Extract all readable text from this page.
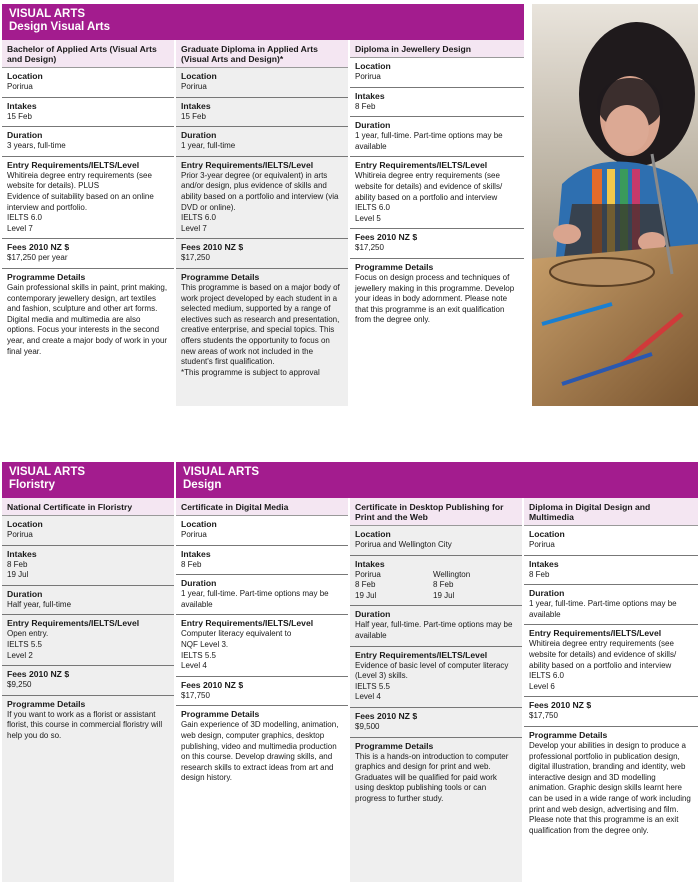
VISUAL ARTS
Design Visual Arts
Bachelor of Applied Arts (Visual Arts and Design)
Location
Porirua
Intakes
15 Feb
Duration
3 years, full-time
Entry Requirements/IELTS/Level
Whitireia degree entry requirements (see website for details). PLUS
Evidence of suitability based on an online interview and portfolio.
IELTS 6.0
Level 7
Fees 2010 NZ $
$17,250 per year
Programme Details
Gain professional skills in paint, print making, contemporary jewellery design, art textiles and fashion, sculpture and other art forms. Digital media and multimedia are also options. Focus your interests in the second year, and create a major body of work in your final year.
Graduate Diploma in Applied Arts (Visual Arts and Design)*
Location
Porirua
Intakes
15 Feb
Duration
1 year, full-time
Entry Requirements/IELTS/Level
Prior 3-year degree (or equivalent) in arts and/or design, plus evidence of skills and ability based on a portfolio and interview (via DVD or online).
IELTS 6.0
Level 7
Fees 2010 NZ $
$17,250
Programme Details
This programme is based on a major body of work project developed by each student in a selected medium, supported by a range of electives such as research and presentation, creative enterprise, and special topics. This offers students the opportunity to focus on new areas of work not included in the student's first qualification.
*This programme is subject to approval
Diploma in Jewellery Design
Location
Porirua
Intakes
8 Feb
Duration
1 year, full-time. Part-time options may be available
Entry Requirements/IELTS/Level
Whitireia degree entry requirements (see website for details) and evidence of skills/ ability based on a portfolio and interview
IELTS 6.0
Level 5
Fees 2010 NZ $
$17,250
Programme Details
Focus on design process and techniques of jewellery making in this programme. Develop your ideas in body adornment. Please note that this programme is an exit qualification from the degree only.
VISUAL ARTS
Floristry
VISUAL ARTS
Design
National Certificate in Floristry
Location
Porirua
Intakes
8 Feb
19 Jul
Duration
Half year, full-time
Entry Requirements/IELTS/Level
Open entry.
IELTS 5.5
Level 2
Fees 2010 NZ $
$9,250
Programme Details
If you want to work as a florist or assistant florist, this course in commercial floristry will help you do so.
Certificate in Digital Media
Location
Porirua
Intakes
8 Feb
Duration
1 year, full-time. Part-time options may be available
Entry Requirements/IELTS/Level
Computer literacy equivalent to
NQF Level 3.
IELTS 5.5
Level 4
Fees 2010 NZ $
$17,750
Programme Details
Gain experience of 3D modelling, animation, web design, computer graphics, desktop publishing, video and multimedia production on this course. Develop drawing skills, and research skills to extract ideas from art and design history.
Certificate in Desktop Publishing for Print and the Web
Location
Porirua and Wellington City
Intakes
Porirua
8 Feb
19 Jul
Wellington
8 Feb
19 Jul
Duration
Half year, full-time. Part-time options may be available
Entry Requirements/IELTS/Level
Evidence of basic level of computer literacy (Level 3) skills.
IELTS 5.5
Level 4
Fees 2010 NZ $
$9,500
Programme Details
This is a hands-on introduction to computer graphics and design for print and web. Graduates will be qualified for paid work using desktop publishing tools or can progress to further study.
Diploma in Digital Design and Multimedia
Location
Porirua
Intakes
8 Feb
Duration
1 year, full-time. Part-time options may be available
Entry Requirements/IELTS/Level
Whitireia degree entry requirements (see website for details) and evidence of skills/ ability based on a portfolio and interview
IELTS 6.0
Level 6
Fees 2010 NZ $
$17,750
Programme Details
Develop your abilities in design to produce a professional portfolio in publication design, digital illustration, branding and identity, web interactive design and 3D modelling animation. Graphic design skills learnt here can be used in a wide range of work including print and web design, advertising and film. Please note that this programme is an exit qualification from the degree only.
